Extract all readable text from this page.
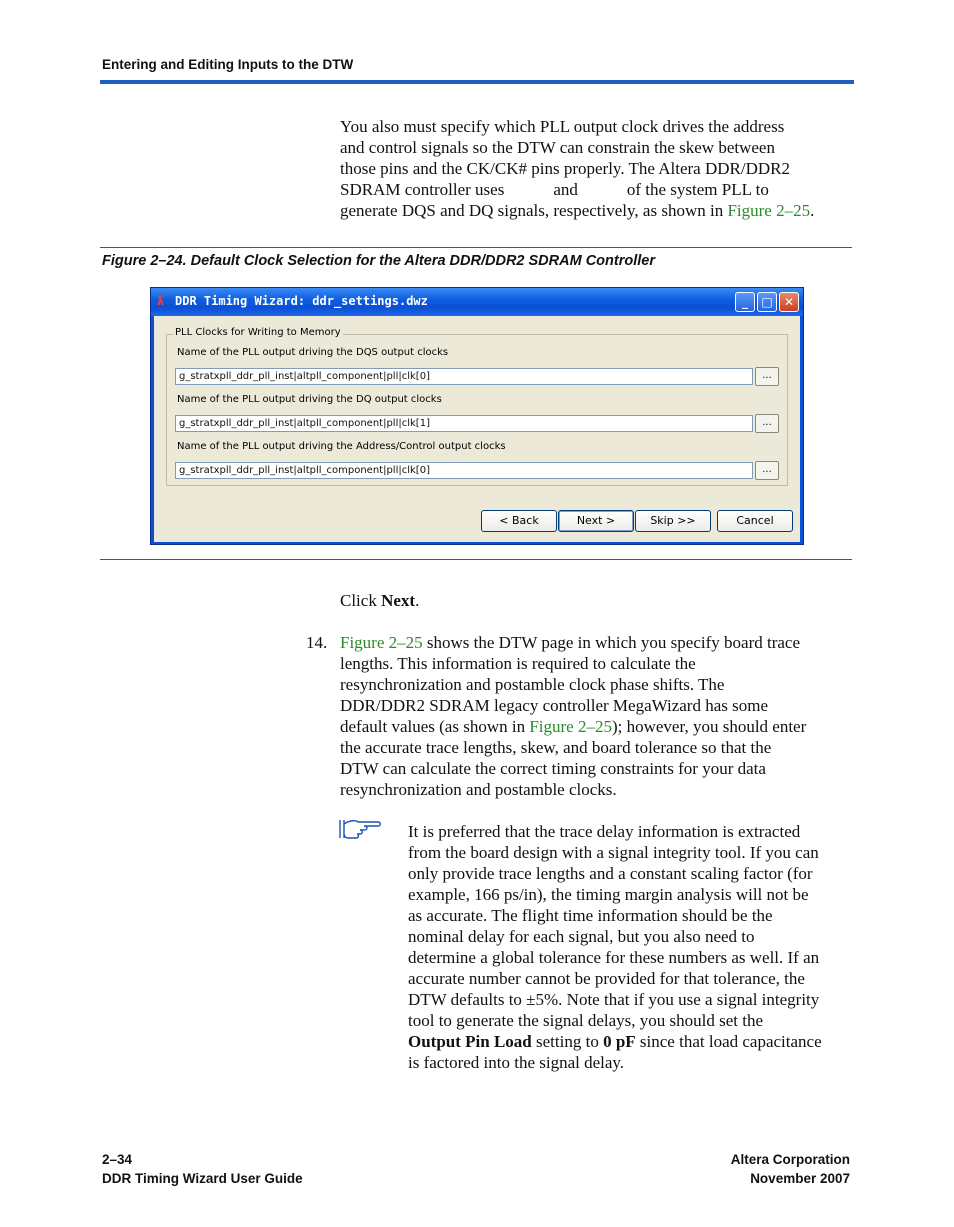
Entering and Editing Inputs to the DTW
You also must specify which PLL output clock drives the address
and control signals so the DTW can constrain the skew between
those pins and the CK/CK# pins properly. The Altera DDR/DDR2
SDRAM controller uses	and	of the system PLL to
generate DQS and DQ signals, respectively, as shown in Figure 2–25.
Figure 2–24. Default Clock Selection for the Altera DDR/DDR2 SDRAM Controller
ƛ DDR Timing Wizard: ddr_settings.dwz	_	□ ✕
PLL Clocks for Writing to Memory
Name of the PLL output driving the DQS output clocks
g_stratxpll_ddr_pll_inst|altpll_component|pll|clk[0]	...
Name of the PLL output driving the DQ output clocks
g_stratxpll_ddr_pll_inst|altpll_component|pll|clk[1]	...
Name of the PLL output driving the Address/Control output clocks
g_stratxpll_ddr_pll_inst|altpll_component|pll|clk[0]	...
< Back	Next >	Skip >>	Cancel
Click Next.
14. Figure 2–25 shows the DTW page in which you specify board trace
lengths. This information is required to calculate the
resynchronization and postamble clock phase shifts. The
DDR/DDR2 SDRAM legacy controller MegaWizard has some
default values (as shown in Figure 2–25); however, you should enter
the accurate trace lengths, skew, and board tolerance so that the
DTW can calculate the correct timing constraints for your data
resynchronization and postamble clocks.
It is preferred that the trace delay information is extracted
from the board design with a signal integrity tool. If you can
only provide trace lengths and a constant scaling factor (for
example, 166 ps/in), the timing margin analysis will not be
as accurate. The flight time information should be the
nominal delay for each signal, but you also need to
determine a global tolerance for these numbers as well. If an
accurate number cannot be provided for that tolerance, the
DTW defaults to ±5%. Note that if you use a signal integrity
tool to generate the signal delays, you should set the
Output Pin Load setting to 0 pF since that load capacitance
is factored into the signal delay.
2–34
DDR Timing Wizard User Guide
Altera Corporation
November 2007
